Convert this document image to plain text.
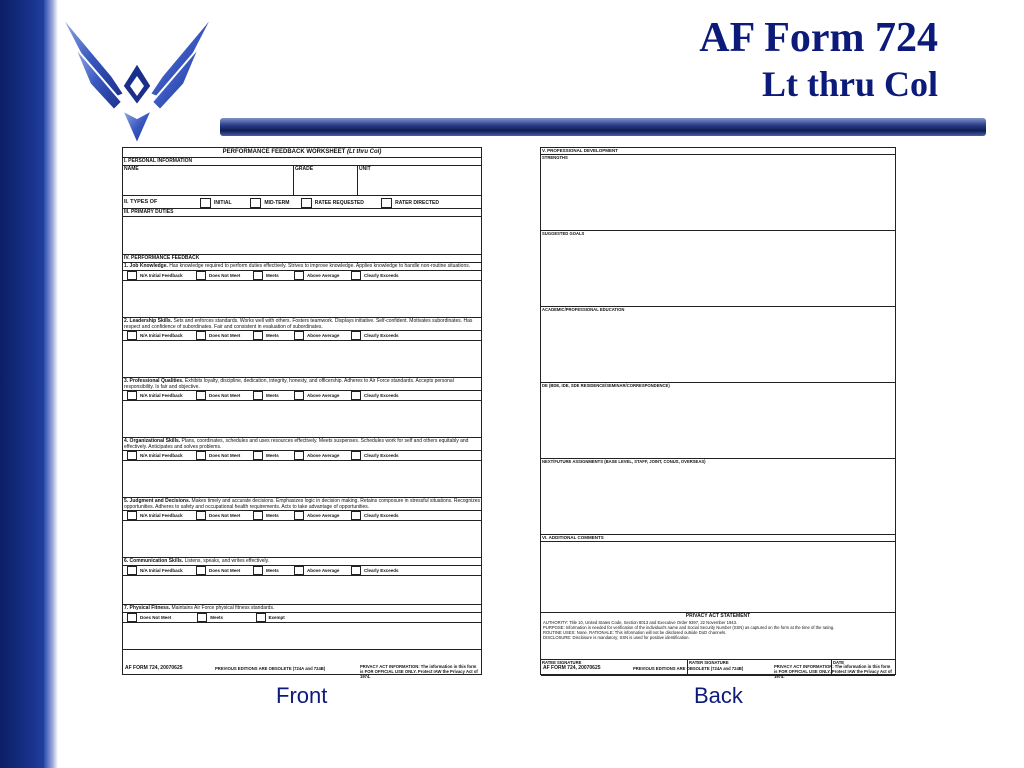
AF Form 724
Lt thru Col
PERFORMANCE FEEDBACK WORKSHEET (Lt thru Col)
I. PERSONAL INFORMATION
NAME	GRADE	UNIT
II. TYPES OF	INITIAL	MID-TERM	RATEE REQUESTED	RATER DIRECTED
III. PRIMARY DUTIES
IV. PERFORMANCE FEEDBACK
1. Job Knowledge. Has knowledge required to perform duties effectively. Strives to improve knowledge. Applies knowledge to handle non-routine situations.
N/A Initial Feedback	Does Not Meet	Meets	Above Average	Clearly Exceeds
2. Leadership Skills. Sets and enforces standards. Works well with others. Fosters teamwork. Displays initiative. Self-confident. Motivates subordinates. Has respect and confidence of subordinates. Fair and consistent in evaluation of subordinates.
N/A Initial Feedback	Does Not Meet	Meets	Above Average	Clearly Exceeds
3. Professional Qualities. Exhibits loyalty, discipline, dedication, integrity, honesty, and officership. Adheres to Air Force standards. Accepts personal responsibility. Is fair and objective.
N/A Initial Feedback	Does Not Meet	Meets	Above Average	Clearly Exceeds
4. Organizational Skills. Plans, coordinates, schedules and uses resources effectively. Meets suspenses. Schedules work for self and others equitably and effectively. Anticipates and solves problems.
N/A Initial Feedback	Does Not Meet	Meets	Above Average	Clearly Exceeds
5. Judgment and Decisions. Makes timely and accurate decisions. Emphasizes logic in decision making. Retains composure in stressful situations. Recognizes opportunities. Adheres to safety and occupational health requirements. Acts to take advantage of opportunities.
N/A Initial Feedback	Does Not Meet	Meets	Above Average	Clearly Exceeds
6. Communication Skills. Listens, speaks, and writes effectively.
N/A Initial Feedback	Does Not Meet	Meets	Above Average	Clearly Exceeds
7. Physical Fitness. Maintains Air Force physical fitness standards.
Does Not Meet	Meets	Exempt
AF FORM 724, 20070625	PREVIOUS EDITIONS ARE OBSOLETE (724A and 724B)	PRIVACY ACT INFORMATION: The information in this form is FOR OFFICIAL USE ONLY. Protect IAW the Privacy Act of 1974.
V. PROFESSIONAL DEVELOPMENT
STRENGTHS
SUGGESTED GOALS
ACADEMIC/PROFESSIONAL EDUCATION
DE (BDE, IDE, SDE RESIDENCE/SEMINAR/CORRESPONDENCE)
NEXT/FUTURE ASSIGNMENTS (BASE LEVEL, STAFF, JOINT, CONUS, OVERSEAS)
VI. ADDITIONAL COMMENTS
PRIVACY ACT STATEMENT
AUTHORITY: Title 10, United States Code, Section 8013 and Executive Order 9397, 22 November 1943.
PURPOSE: Information is needed for verification of the individual's name and Social Security Number (SSN) as captured on the form at the time of the rating.
ROUTINE USES: None. RATIONALE: This information will not be disclosed outside DoD channels.
DISCLOSURE: Disclosure is mandatory; SSN is used for positive identification.
RATEE SIGNATURE	RATER SIGNATURE	DATE
AF FORM 724, 20070625	PREVIOUS EDITIONS ARE OBSOLETE (724A and 724B)	PRIVACY ACT INFORMATION: The information in this form is FOR OFFICIAL USE ONLY. Protect IAW the Privacy Act of 1974.
Front	Back
